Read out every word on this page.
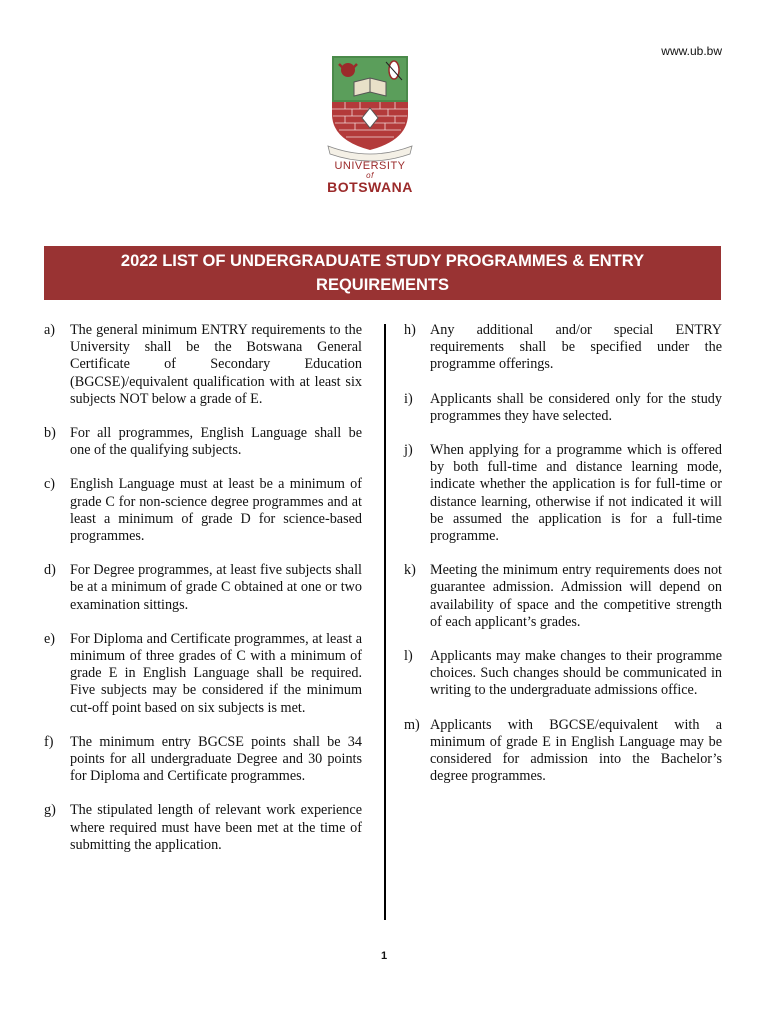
www.ub.bw
UNIVERSITY
of
BOTSWANA
2022 LIST OF UNDERGRADUATE STUDY PROGRAMMES & ENTRY
REQUIREMENTS
a) The general minimum ENTRY requirements to the University shall be the Botswana General Certificate of Secondary Education (BGCSE)/equivalent qualification with at least six subjects NOT below a grade of E.
b) For all programmes, English Language shall be one of the qualifying subjects.
c) English Language must at least be a minimum of grade C for non-science degree programmes and at least a minimum of grade D for science-based programmes.
d) For Degree programmes, at least five subjects shall be at a minimum of grade C obtained at one or two examination sittings.
e) For Diploma and Certificate programmes, at least a minimum of three grades of C with a minimum of grade E in English Language shall be required. Five subjects may be considered if the minimum cut-off point based on six subjects is met.
f) The minimum entry BGCSE points shall be 34 points for all undergraduate Degree and 30 points for Diploma and Certificate programmes.
g) The stipulated length of relevant work experience where required must have been met at the time of submitting the application.
h) Any additional and/or special ENTRY requirements shall be specified under the programme offerings.
i) Applicants shall be considered only for the study programmes they have selected.
j) When applying for a programme which is offered by both full-time and distance learning mode, indicate whether the application is for full-time or distance learning, otherwise if not indicated it will be assumed the application is for a full-time programme.
k) Meeting the minimum entry requirements does not guarantee admission. Admission will depend on availability of space and the competitive strength of each applicant’s grades.
l) Applicants may make changes to their programme choices. Such changes should be communicated in writing to the undergraduate admissions office.
m) Applicants with BGCSE/equivalent with a minimum of grade E in English Language may be considered for admission into the Bachelor’s degree programmes.
1
